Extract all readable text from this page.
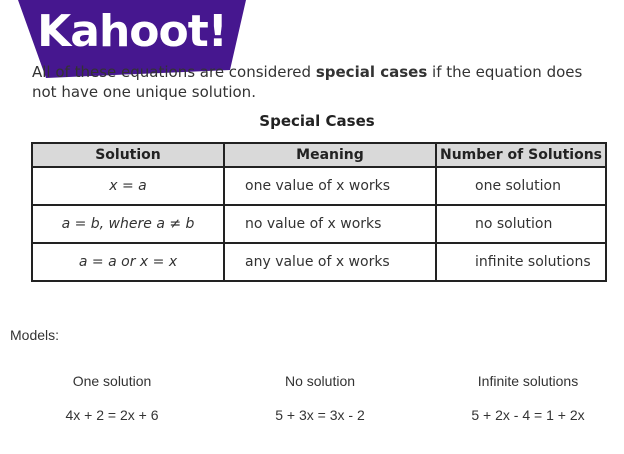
Kahoot!
All of these equations are considered special cases if the equation does not have one unique solution.
Special Cases
Solution	Meaning	Number of Solutions
x = a	one value of x works	one solution
a = b, where a ≠ b	no value of x works	no solution
a = a or x = x	any value of x works	infinite solutions
Models:
One solution
4x + 2 = 2x + 6
No solution
5 + 3x = 3x - 2
Infinite solutions
5 + 2x - 4 = 1 + 2x
